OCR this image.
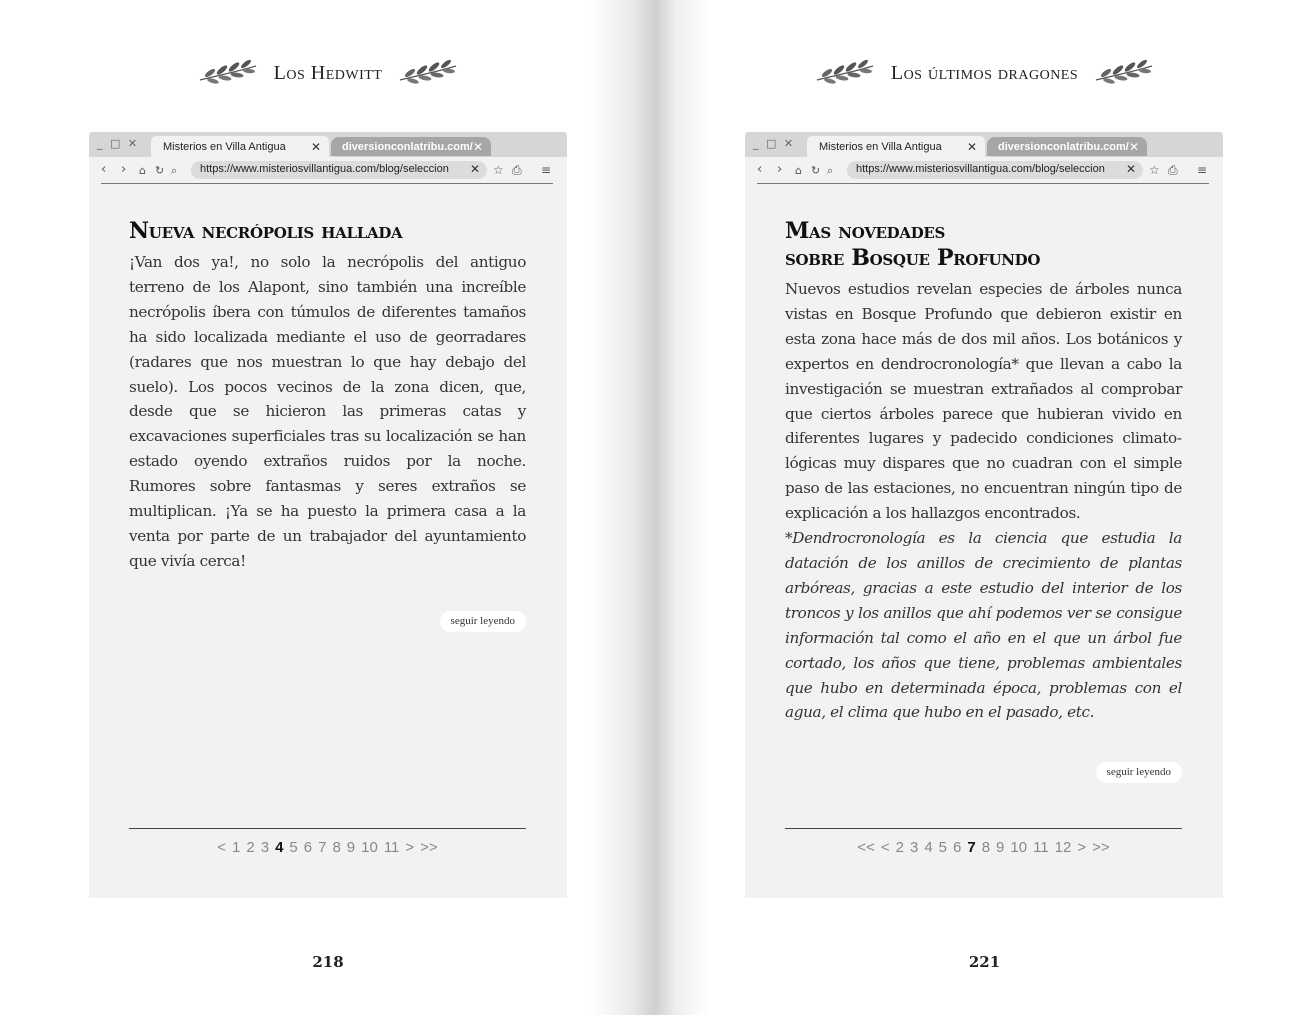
Los Hedwitt
_ □ ✕ Misterios en Villa Antigua ✕ diversionconlatribu.com/ ✕
‹ › ⌂ ↻ ⌕ https://www.misteriosvillantigua.com/blog/seleccion	✕ ☆ ⎙ ≡
Nueva necrópolis hallada

¡Van dos ya!, no solo la necrópolis del antiguo terreno de los Alapont, sino también una increíble necrópolis íbera con túmulos de diferentes tamaños ha sido localizada mediante el uso de georradares (radares que nos muestran lo que hay debajo del suelo). Los pocos vecinos de la zona dicen, que, desde que se hicieron las primeras catas y excavaciones superficiales tras su localización se han estado oyendo extraños ruidos por la noche. Rumores sobre fantasmas y seres extraños se multiplican. ¡Ya se ha puesto la primera casa a la venta por parte de un trabajador del ayuntamiento que vivía cerca!

seguir leyendo
< 1 2 3 4 5 6 7 8 9 10 11 > >>
218
Los últimos dragones
_ □ ✕ Misterios en Villa Antigua ✕ diversionconlatribu.com/ ✕
‹ › ⌂ ↻ ⌕ https://www.misteriosvillantigua.com/blog/seleccion	✕ ☆ ⎙ ≡
Mas novedades
sobre Bosque Profundo

Nuevos estudios revelan especies de árboles nunca vistas en Bosque Profundo que debieron existir en esta zona hace más de dos mil años. Los botánicos y expertos en dendrocronología* que llevan a cabo la investigación se muestran extrañados al comprobar que ciertos árboles parece que hubieran vivido en diferentes lugares y padecido condiciones climatológicas muy dispares que no cuadran con el simple paso de las estaciones, no encuentran ningún tipo de explicación a los hallazgos encontrados.

*Dendrocronología es la ciencia que estudia la datación de los anillos de crecimiento de plantas arbóreas, gracias a este estudio del interior de los troncos y los anillos que ahí podemos ver se consigue información tal como el año en el que un árbol fue cortado, los años que tiene, problemas ambientales que hubo en determinada época, problemas con el agua, el clima que hubo en el pasado, etc.

seguir leyendo
<< < 2 3 4 5 6 7 8 9 10 11 12 > >>
221
